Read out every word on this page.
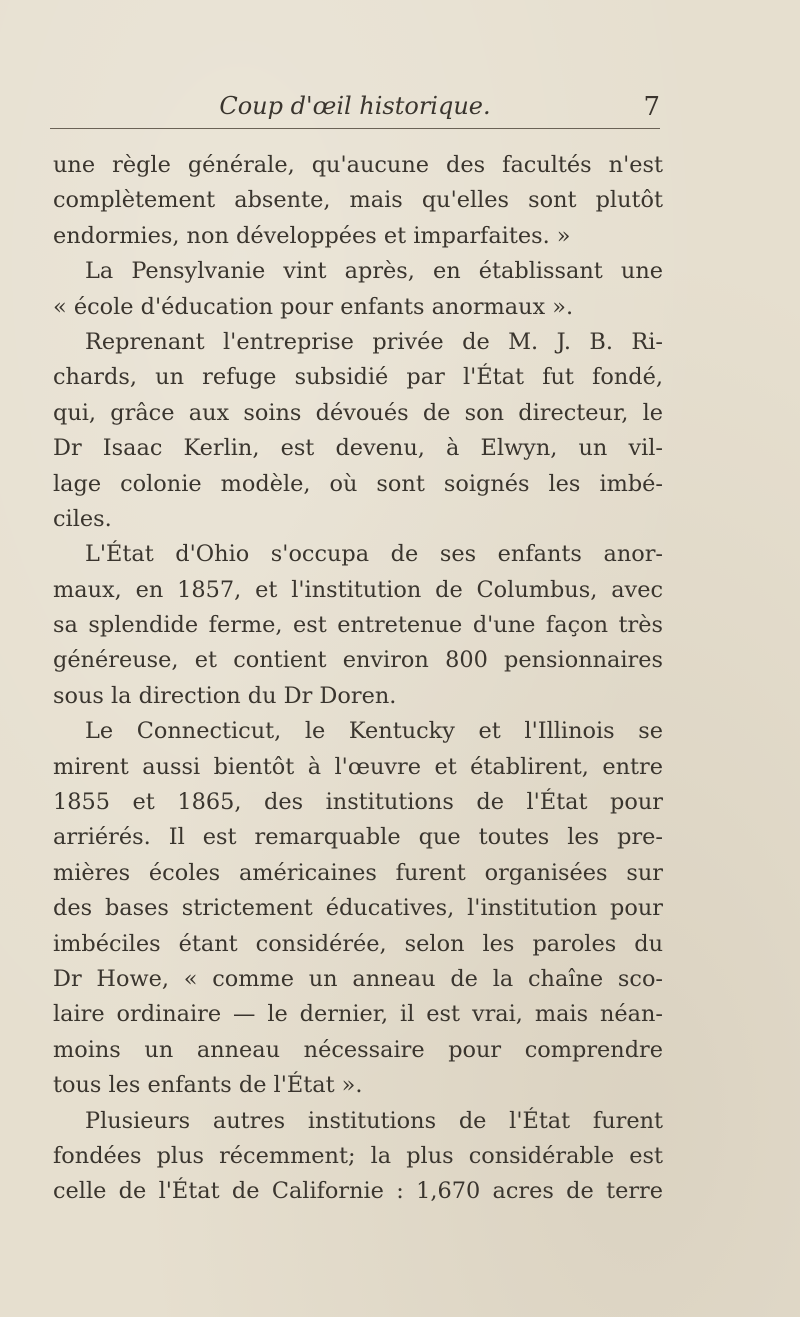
Coup d'œil historique.	7
une règle générale, qu'aucune des facultés n'est
complètement absente, mais qu'elles sont plutôt
endormies, non développées et imparfaites. »
La Pensylvanie vint après, en établissant une
« école d'éducation pour enfants anormaux ».
Reprenant l'entreprise privée de M. J. B. Ri-
chards, un refuge subsidié par l'État fut fondé,
qui, grâce aux soins dévoués de son directeur, le
Dr Isaac Kerlin, est devenu, à Elwyn, un vil-
lage colonie modèle, où sont soignés les imbé-
ciles.
L'État d'Ohio s'occupa de ses enfants anor-
maux, en 1857, et l'institution de Columbus, avec
sa splendide ferme, est entretenue d'une façon très
généreuse, et contient environ 800 pensionnaires
sous la direction du Dr Doren.
Le Connecticut, le Kentucky et l'Illinois se
mirent aussi bientôt à l'œuvre et établirent, entre
1855 et 1865, des institutions de l'État pour
arriérés. Il est remarquable que toutes les pre-
mières écoles américaines furent organisées sur
des bases strictement éducatives, l'institution pour
imbéciles étant considérée, selon les paroles du
Dr Howe, « comme un anneau de la chaîne sco-
laire ordinaire — le dernier, il est vrai, mais néan-
moins un anneau nécessaire pour comprendre
tous les enfants de l'État ».
Plusieurs autres institutions de l'État furent
fondées plus récemment; la plus considérable est
celle de l'État de Californie : 1,670 acres de terre
